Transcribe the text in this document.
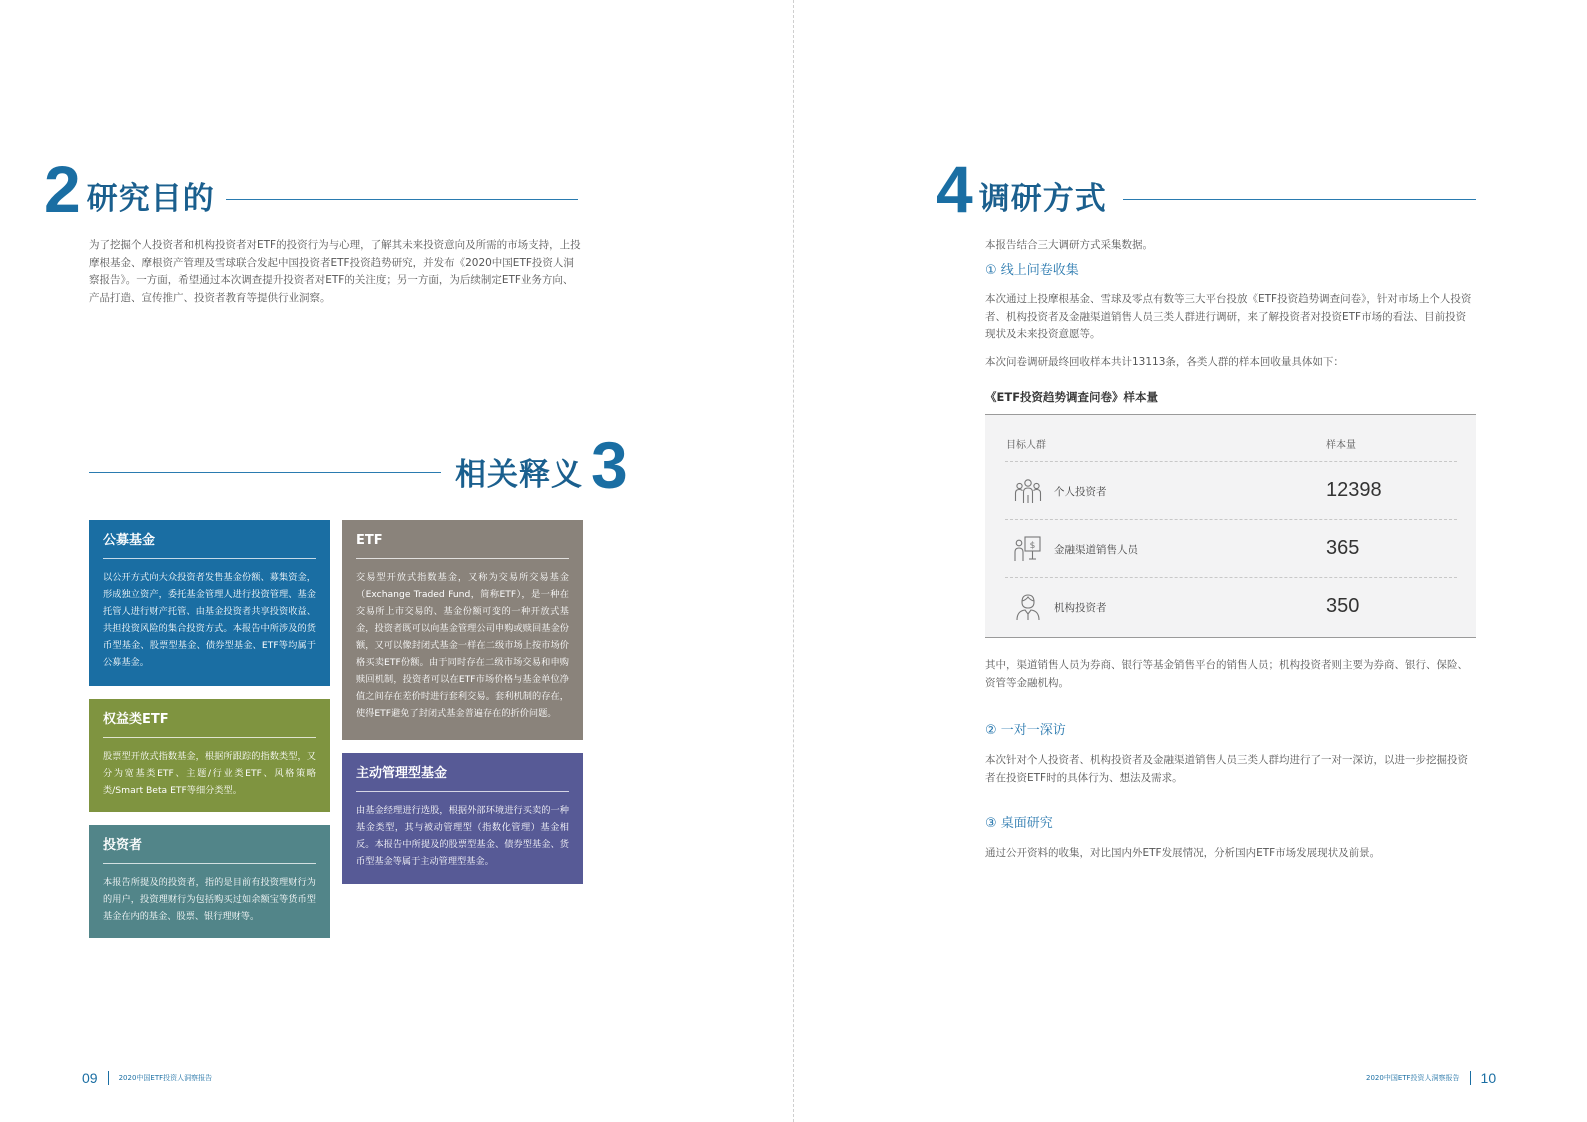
2 研究目的
为了挖掘个人投资者和机构投资者对ETF的投资行为与心理，了解其未来投资意向及所需的市场支持，上投摩根基金、摩根资产管理及雪球联合发起中国投资者ETF投资趋势研究，并发布《2020中国ETF投资人洞察报告》。一方面，希望通过本次调查提升投资者对ETF的关注度；另一方面，为后续制定ETF业务方向、产品打造、宣传推广、投资者教育等提供行业洞察。
相关释义 3
公募基金
以公开方式向大众投资者发售基金份额、募集资金，形成独立资产，委托基金管理人进行投资管理、基金托管人进行财产托管、由基金投资者共享投资收益、共担投资风险的集合投资方式。本报告中所涉及的货币型基金、股票型基金、债券型基金、ETF等均属于公募基金。
ETF
交易型开放式指数基金，又称为交易所交易基金（Exchange Traded Fund，简称ETF），是一种在交易所上市交易的、基金份额可变的一种开放式基金，投资者既可以向基金管理公司申购或赎回基金份额，又可以像封闭式基金一样在二级市场上按市场价格买卖ETF份额。由于同时存在二级市场交易和申购赎回机制，投资者可以在ETF市场价格与基金单位净值之间存在差价时进行套利交易。套利机制的存在，使得ETF避免了封闭式基金普遍存在的折价问题。
权益类ETF
股票型开放式指数基金，根据所跟踪的指数类型，又分为宽基类ETF、主题/行业类ETF、风格策略类/Smart Beta ETF等细分类型。
主动管理型基金
由基金经理进行选股，根据外部环境进行买卖的一种基金类型，其与被动管理型（指数化管理）基金相反。本报告中所提及的股票型基金、债券型基金、货币型基金等属于主动管理型基金。
投资者
本报告所提及的投资者，指的是目前有投资理财行为的用户，投资理财行为包括购买过如余额宝等货币型基金在内的基金、股票、银行理财等。
09	2020中国ETF投资人洞察报告
4 调研方式
本报告结合三大调研方式采集数据。
① 线上问卷收集
本次通过上投摩根基金、雪球及零点有数等三大平台投放《ETF投资趋势调查问卷》，针对市场上个人投资者、机构投资者及金融渠道销售人员三类人群进行调研，来了解投资者对投资ETF市场的看法、目前投资现状及未来投资意愿等。
本次问卷调研最终回收样本共计13113条，各类人群的样本回收量具体如下：
《ETF投资趋势调查问卷》样本量
目标人群	样本量
个人投资者	12398
$ 金融渠道销售人员	365
机构投资者	350
其中，渠道销售人员为券商、银行等基金销售平台的销售人员；机构投资者则主要为券商、银行、保险、资管等金融机构。
② 一对一深访
本次针对个人投资者、机构投资者及金融渠道销售人员三类人群均进行了一对一深访，以进一步挖掘投资者在投资ETF时的具体行为、想法及需求。
③ 桌面研究
通过公开资料的收集，对比国内外ETF发展情况，分析国内ETF市场发展现状及前景。
2020中国ETF投资人洞察报告 10
